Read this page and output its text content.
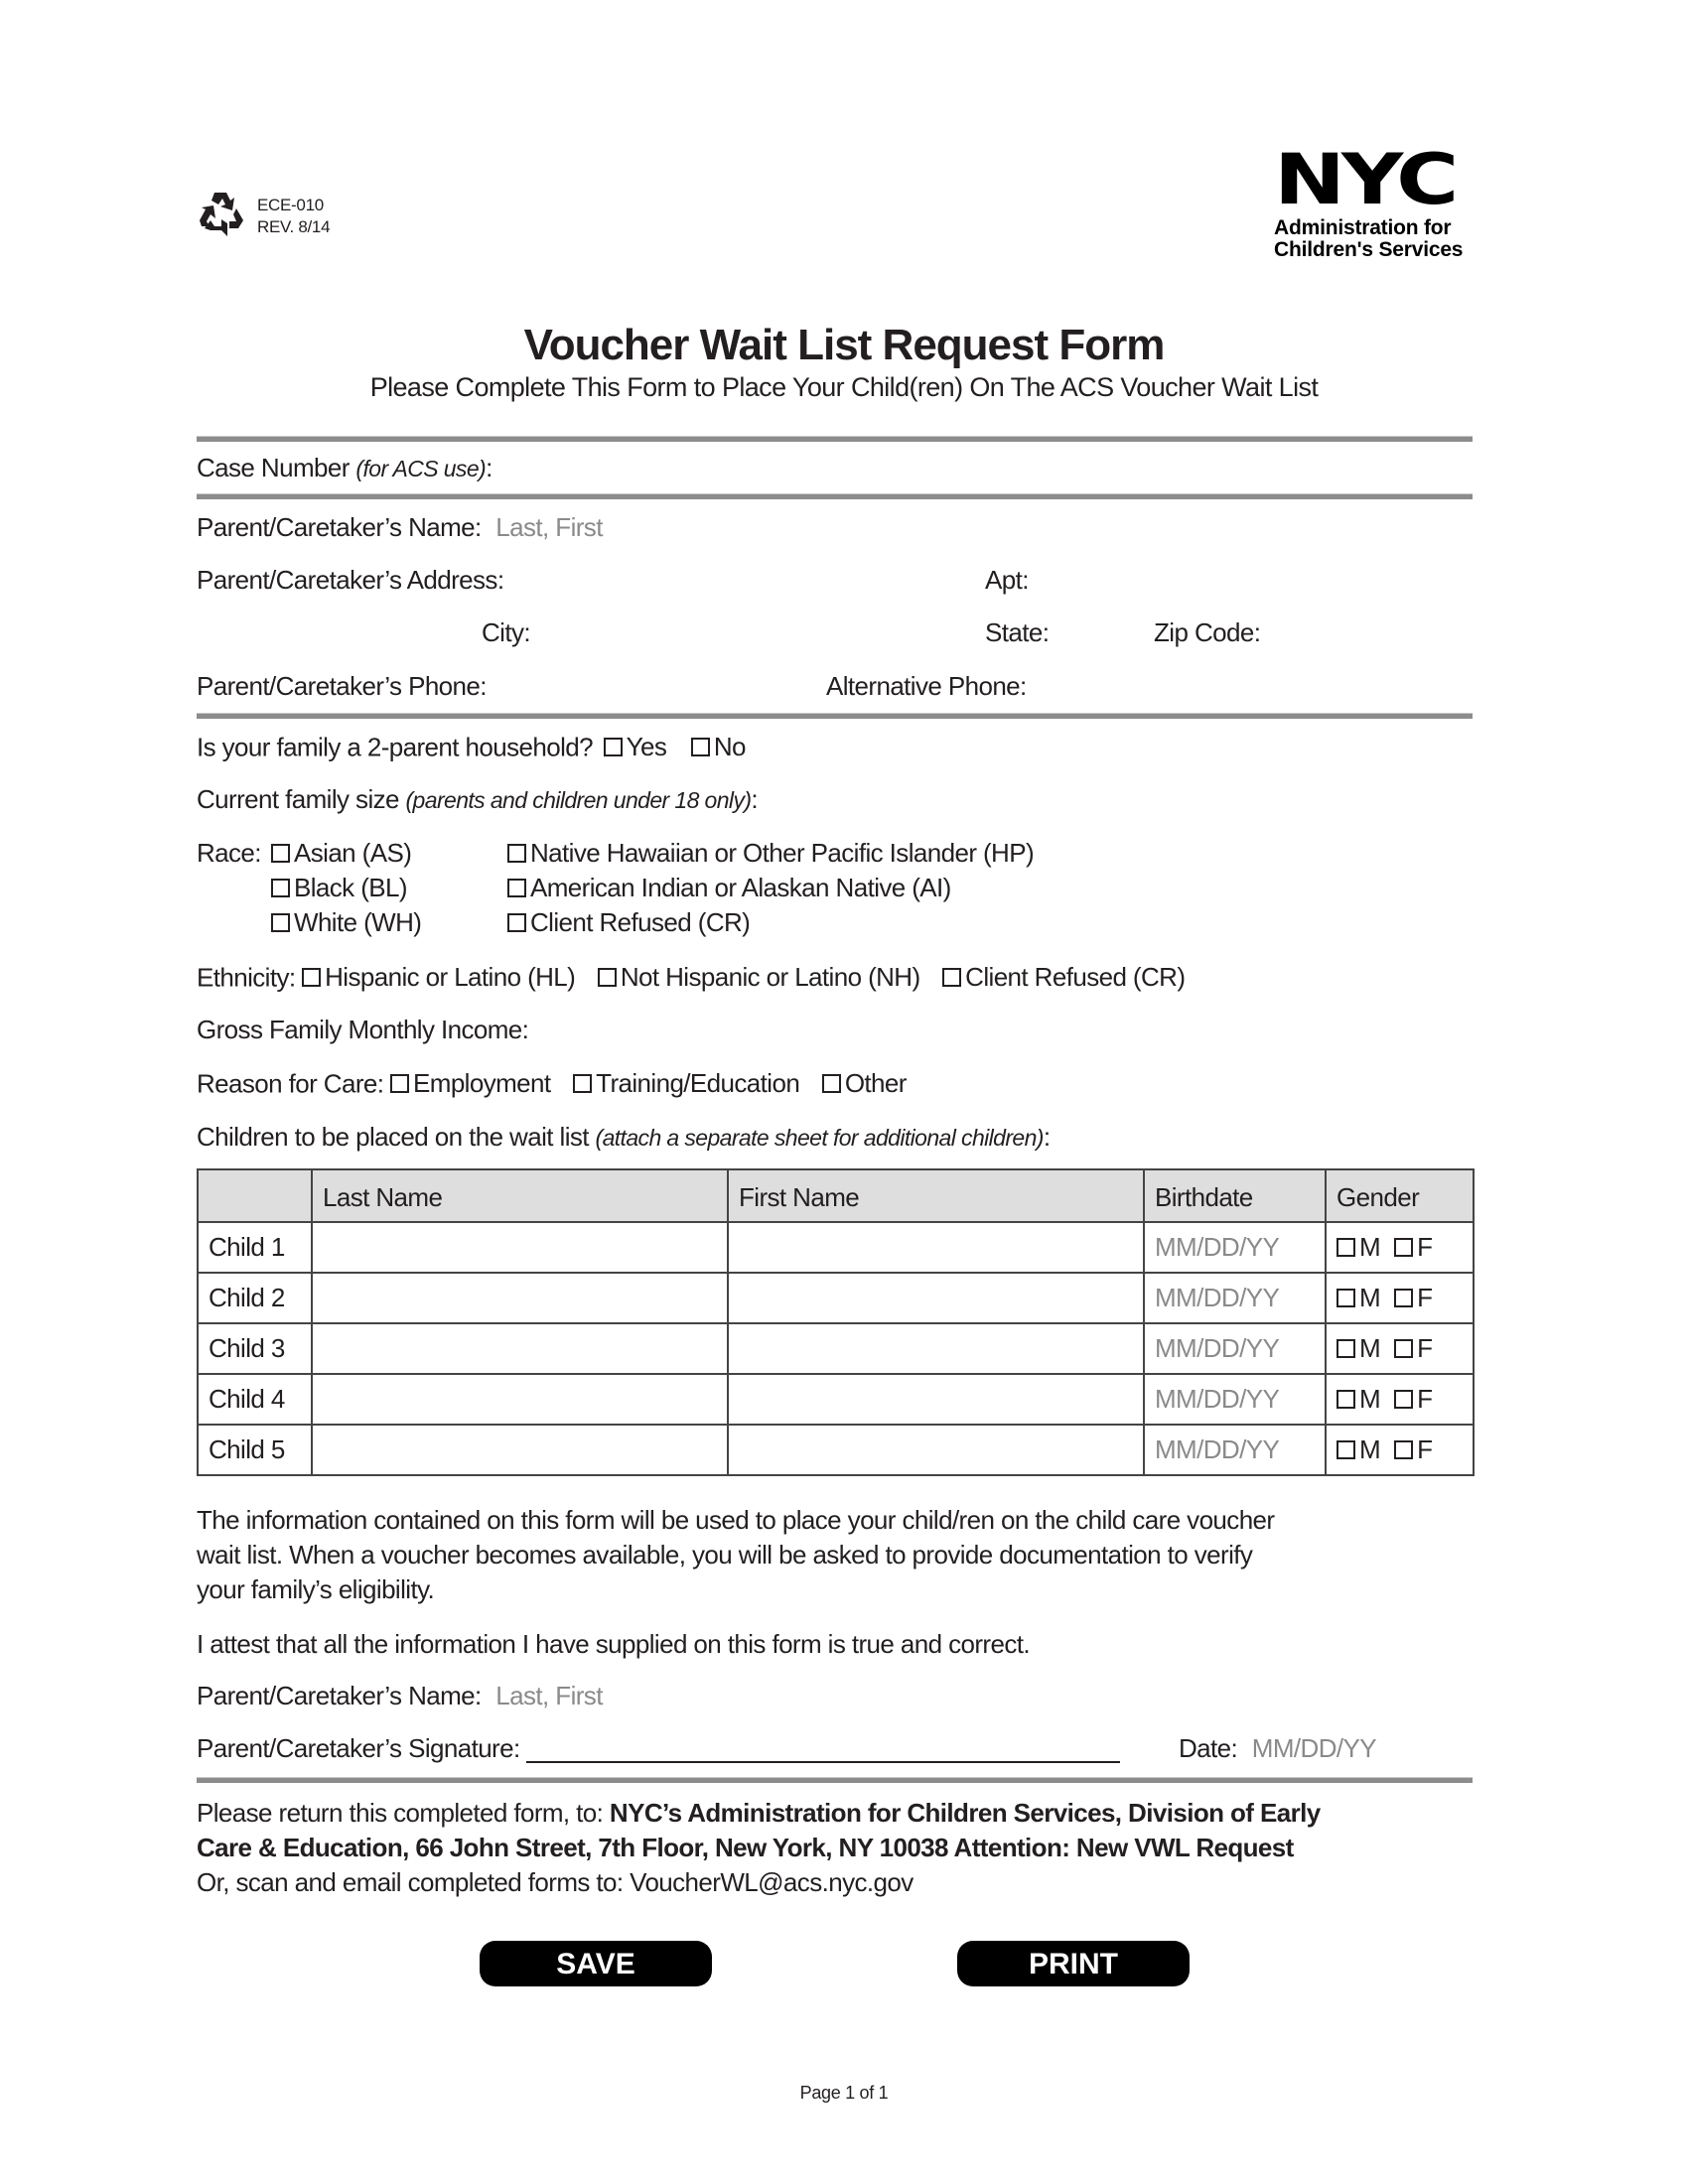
ECE-010
REV. 8/14
NYC
Administration for
Children's Services
Voucher Wait List Request Form
Please Complete This Form to Place Your Child(ren) On The ACS Voucher Wait List
Case Number (for ACS use):
Parent/Caretaker’s Name: Last, First
Parent/Caretaker’s Address:	Apt:
City:	State:	Zip Code:
Parent/Caretaker’s Phone:	Alternative Phone:
Is your family a 2-parent household? Yes
No
Current family size (parents and children under 18 only):
Race: Asian (AS)
Black (BL)
White (WH)
Native Hawaiian or Other Pacific Islander (HP)
American Indian or Alaskan Native (AI)
Client Refused (CR)
Ethnicity: Hispanic or Latino (HL)
Not Hispanic or Latino (NH)
Client Refused (CR)
Gross Family Monthly Income:
Reason for Care: Employment
Training/Education
Other
Children to be placed on the wait list (attach a separate sheet for additional children):
	Last Name	First Name	Birthdate	Gender
Child 1			MM/DD/YY	M F

Child 2			MM/DD/YY	M F

Child 3			MM/DD/YY	M F

Child 4			MM/DD/YY	M F

Child 5			MM/DD/YY	M F
The information contained on this form will be used to place your child/ren on the child care voucher
wait list. When a voucher becomes available, you will be asked to provide documentation to verify
your family’s eligibility.
I attest that all the information I have supplied on this form is true and correct.
Parent/Caretaker’s Name: Last, First
Parent/Caretaker’s Signature:	Date: MM/DD/YY
Please return this completed form, to: NYC’s Administration for Children Services, Division of Early
Care & Education, 66 John Street, 7th Floor, New York, NY 10038 Attention: New VWL Request
Or, scan and email completed forms to: VoucherWL@acs.nyc.gov
SAVE	PRINT
Page 1 of 1
